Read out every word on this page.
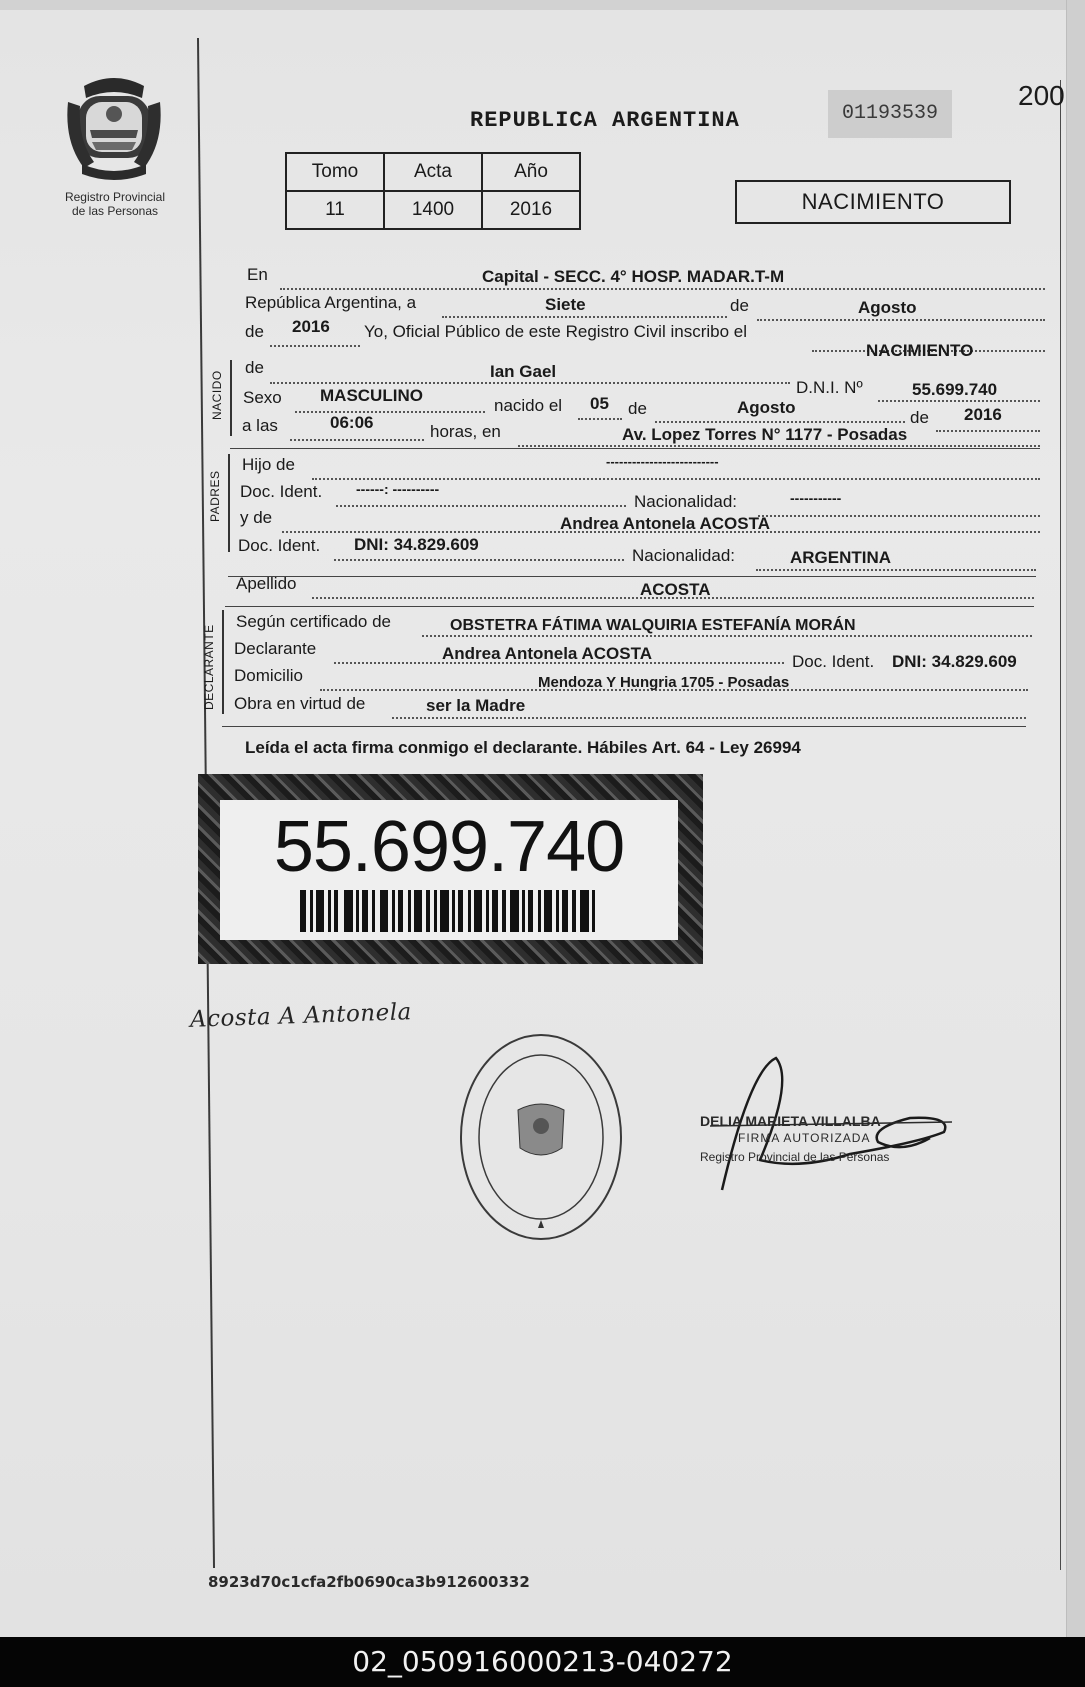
Registro Provincial
de las Personas
REPUBLICA ARGENTINA	01193539
200
Tomo	Acta	Año
11	1400	2016	NACIMIENTO
En	Capital - SECC. 4° HOSP. MADAR.T-M
República Argentina, a	Siete	de	Agosto
de 2016 Yo, Oficial Público de este Registro Civil inscribo el
NACIMIENTO
NACIDO
de	Ian Gael
D.N.I. Nº	55.699.740
Sexo MASCULINO
nacido el 05 de	Agosto
de 2016
a las	06:06	horas, en	Av. Lopez Torres N° 1177 - Posadas
PADRES
Hijo de	--------------------------
Doc. Ident. ------: ----------
Nacionalidad:	-----------
y de	Andrea Antonela ACOSTA
Doc. Ident. DNI: 34.829.609
Nacionalidad:	ARGENTINA
Apellido	ACOSTA
DECLARANTE
Según certificado de	OBSTETRA FÁTIMA WALQUIRIA ESTEFANÍA MORÁN
Declarante	Andrea Antonela ACOSTA	Doc. Ident. DNI: 34.829.609
Domicilio	Mendoza Y Hungria 1705 - Posadas
Obra en virtud de	ser la Madre
Leída el acta firma conmigo el declarante. Hábiles Art. 64 - Ley 26994
55.699.740
Acosta A Antonela
DELIA MARIETA VILLALBA
FIRMA AUTORIZADA
Registro Provincial de las Personas
8923d70c1cfa2fb0690ca3b912600332
02_050916000213-040272
